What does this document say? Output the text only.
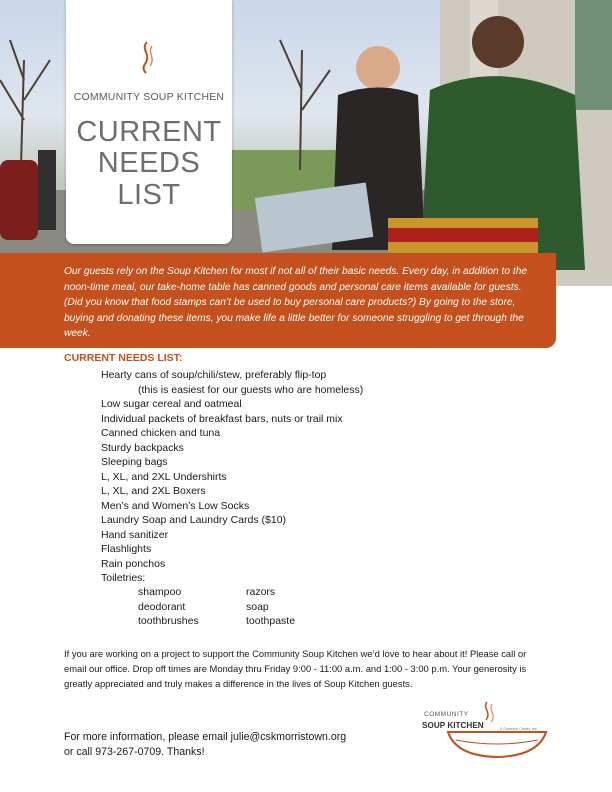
COMMUNITY SOUP KITCHEN
CURRENT
NEEDS
LIST
Our guests rely on the Soup Kitchen for most if not all of their basic needs. Every day, in addition to the noon-time meal, our take-home table has canned goods and personal care items available for guests. (Did you know that food stamps can’t be used to buy personal care products?) By going to the store, buying and donating these items, you make life a little better for someone struggling to get through the week.
CURRENT NEEDS LIST:
Hearty cans of soup/chili/stew, preferably flip-top
(this is easiest for our guests who are homeless)
Low sugar cereal and oatmeal
Individual packets of breakfast bars, nuts or trail mix
Canned chicken and tuna
Sturdy backpacks
Sleeping bags
L, XL, and 2XL Undershirts
L, XL, and 2XL Boxers
Men’s and Women’s Low Socks
Laundry Soap and Laundry Cards ($10)
Hand sanitizer
Flashlights
Rain ponchos
Toiletries:
shampoo	razors
deodorant	soap
toothbrushes	toothpaste
If you are working on a project to support the Community Soup Kitchen we’d love to hear about it! Please call or email our office. Drop off times are Monday thru Friday 9:00 - 11:00 a.m. and 1:00 - 3:00 p.m. Your generosity is greatly appreciated and truly makes a difference in the lives of Soup Kitchen guests.
For more information, please email julie@cskmorristown.org
or call 973-267-0709. Thanks!
COMMUNITY
SOUP KITCHEN	& Outreach Center, Inc.
